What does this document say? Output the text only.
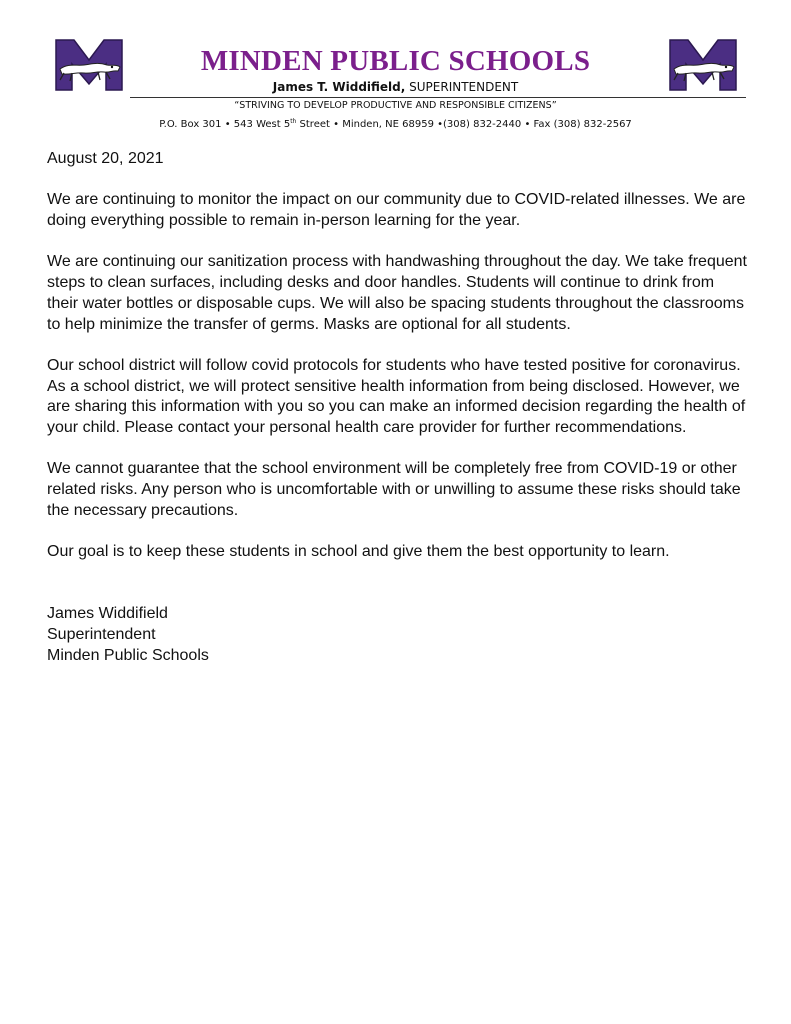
MINDEN PUBLIC SCHOOLS
James T. Widdifield, SUPERINTENDENT
“STRIVING TO DEVELOP PRODUCTIVE AND RESPONSIBLE CITIZENS”
P.O. Box 301 • 543 West 5th Street • Minden, NE 68959 •(308) 832-2440 • Fax (308) 832-2567

August 20, 2021

We are continuing to monitor the impact on our community due to COVID-related illnesses. We are doing everything possible to remain in-person learning for the year.

We are continuing our sanitization process with handwashing throughout the day. We take frequent steps to clean surfaces, including desks and door handles. Students will continue to drink from their water bottles or disposable cups. We will also be spacing students throughout the classrooms to help minimize the transfer of germs. Masks are optional for all students.

Our school district will follow covid protocols for students who have tested positive for coronavirus. As a school district, we will protect sensitive health information from being disclosed. However, we are sharing this information with you so you can make an informed decision regarding the health of your child. Please contact your personal health care provider for further recommendations.

We cannot guarantee that the school environment will be completely free from COVID-19 or other related risks. Any person who is uncomfortable with or unwilling to assume these risks should take the necessary precautions.

Our goal is to keep these students in school and give them the best opportunity to learn.

James Widdifield
Superintendent
Minden Public Schools
